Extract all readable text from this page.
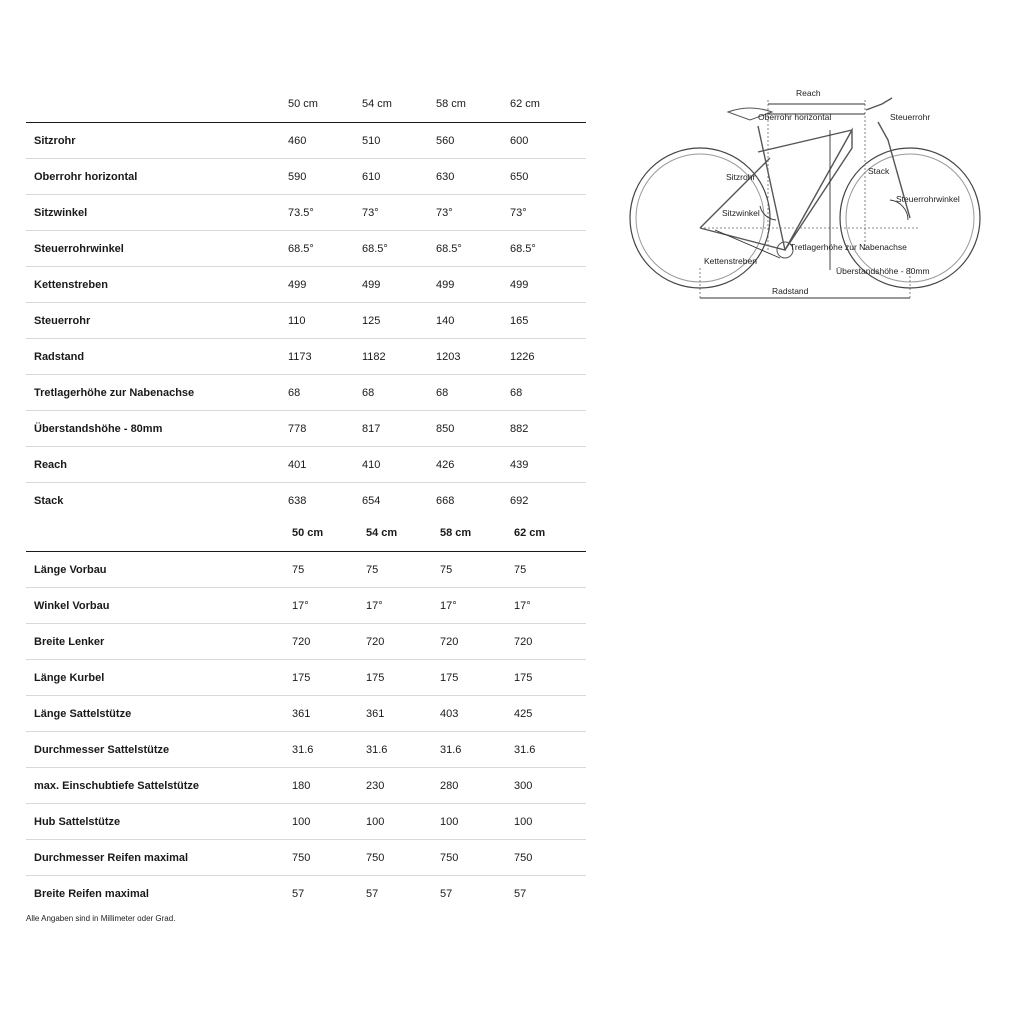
50 cm	54 cm	58 cm	62 cm
Sitzrohr	460	510	560	600
Oberrohr horizontal	590	610	630	650
Sitzwinkel	73.5°	73°	73°	73°
Steuerrohrwinkel	68.5°	68.5°	68.5°	68.5°
Kettenstreben	499	499	499	499
Steuerrohr	110	125	140	165
Radstand	1173	1182	1203	1226
Tretlagerhöhe zur Nabenachse	68	68	68	68
Überstandshöhe - 80mm	778	817	850	882
Reach	401	410	426	439
Stack	638	654	668	692
50 cm	54 cm	58 cm	62 cm
Länge Vorbau	75	75	75	75
Winkel Vorbau	17°	17°	17°	17°
Breite Lenker	720	720	720	720
Länge Kurbel	175	175	175	175
Länge Sattelstütze	361	361	403	425
Durchmesser Sattelstütze	31.6	31.6	31.6	31.6
max. Einschubtiefe Sattelstütze	180	230	280	300
Hub Sattelstütze	100	100	100	100
Durchmesser Reifen maximal	750	750	750	750
Breite Reifen maximal	57	57	57	57
Alle Angaben sind in Millimeter oder Grad.
Reach
Oberrohr horizontal	Steuerrohr
Stack
Sitzrohr
Steuerrohrwinkel
Sitzwinkel
Tretlagerhöhe zur Nabenachse
Kettenstreben
Überstandshöhe - 80mm
Radstand
